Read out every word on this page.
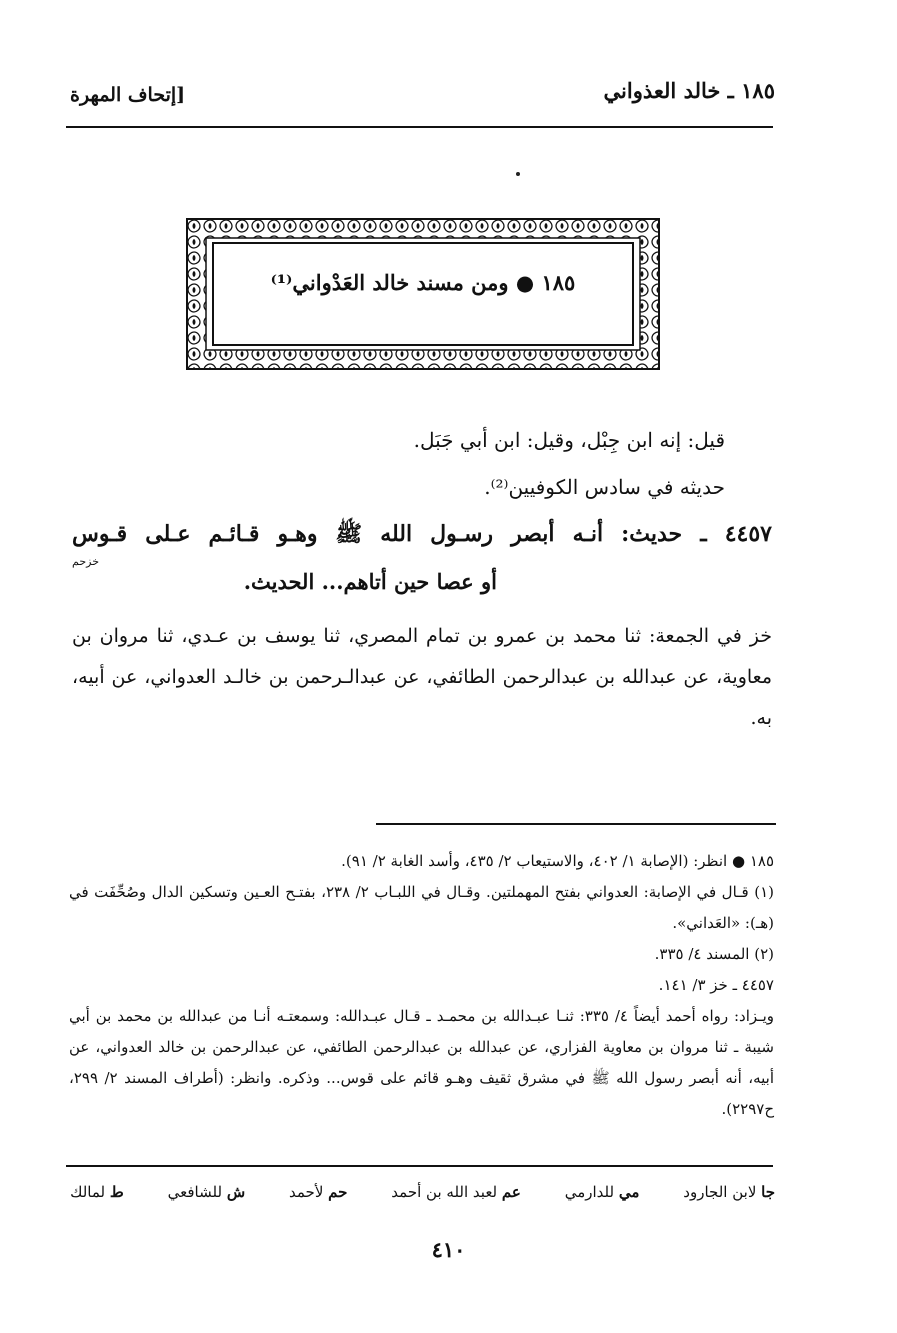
١٨٥ ـ خالد العذواني
[إتحاف المهرة
١٨٥ ● ومن مسند خالد العَدْواني⁽¹⁾
قيل: إنه ابن جِبْل، وقيل: ابن أبي جَبَل.
حديثه في سادس الكوفيين⁽²⁾.
٤٤٥٧ ـ حديث: أنـه أبصر رسـول الله ﷺ وهـو قـائـم عـلى قـوس
خزحم
أو عصا حين أتاهم... الحديث.
خز في الجمعة: ثنا محمد بن عمرو بن تمام المصري، ثنا يوسف بن عـدي، ثنا مروان بن معاوية، عن عبدالله بن عبدالرحمن الطائفي، عن عبدالـرحمن بن خالـد العدواني، عن أبيه، به.

١٨٥ ● انظر: (الإصابة ١/ ٤٠٢، والاستيعاب ٢/ ٤٣٥، وأسد الغابة ٢/ ٩١).

(١) قـال في الإصابة: العدواني بفتح المهملتين. وقـال في اللبـاب ٢/ ٢٣٨، بفتـح العـين وتسكين الدال وصُحِّفَت في (هـ): «العَداني».

(٢) المسند ٤/ ٣٣٥.

٤٤٥٧ ـ خز ٣/ ١٤١.

ويـزاد: رواه أحمد أيضاً ٤/ ٣٣٥: ثنـا عبـدالله بن محمـد ـ قـال عبـدالله: وسمعتـه أنـا من عبدالله بن محمد بن أبي شيبة ـ ثنا مروان بن معاوية الفزاري، عن عبدالله بن عبدالرحمن الطائفي، عن عبدالرحمن بن خالد العدواني، عن أبيه، أنه أبصر رسول الله ﷺ في مشرق ثقيف وهـو قائم على قوس... وذكره. وانظر: (أطراف المسند ٢/ ٢٩٩، ح٢٢٩٧).

ط لمالك	ش للشافعي	حم لأحمد	عم لعبد الله بن أحمد	مي للدارمي	جا لابن الجارود
٤١٠
